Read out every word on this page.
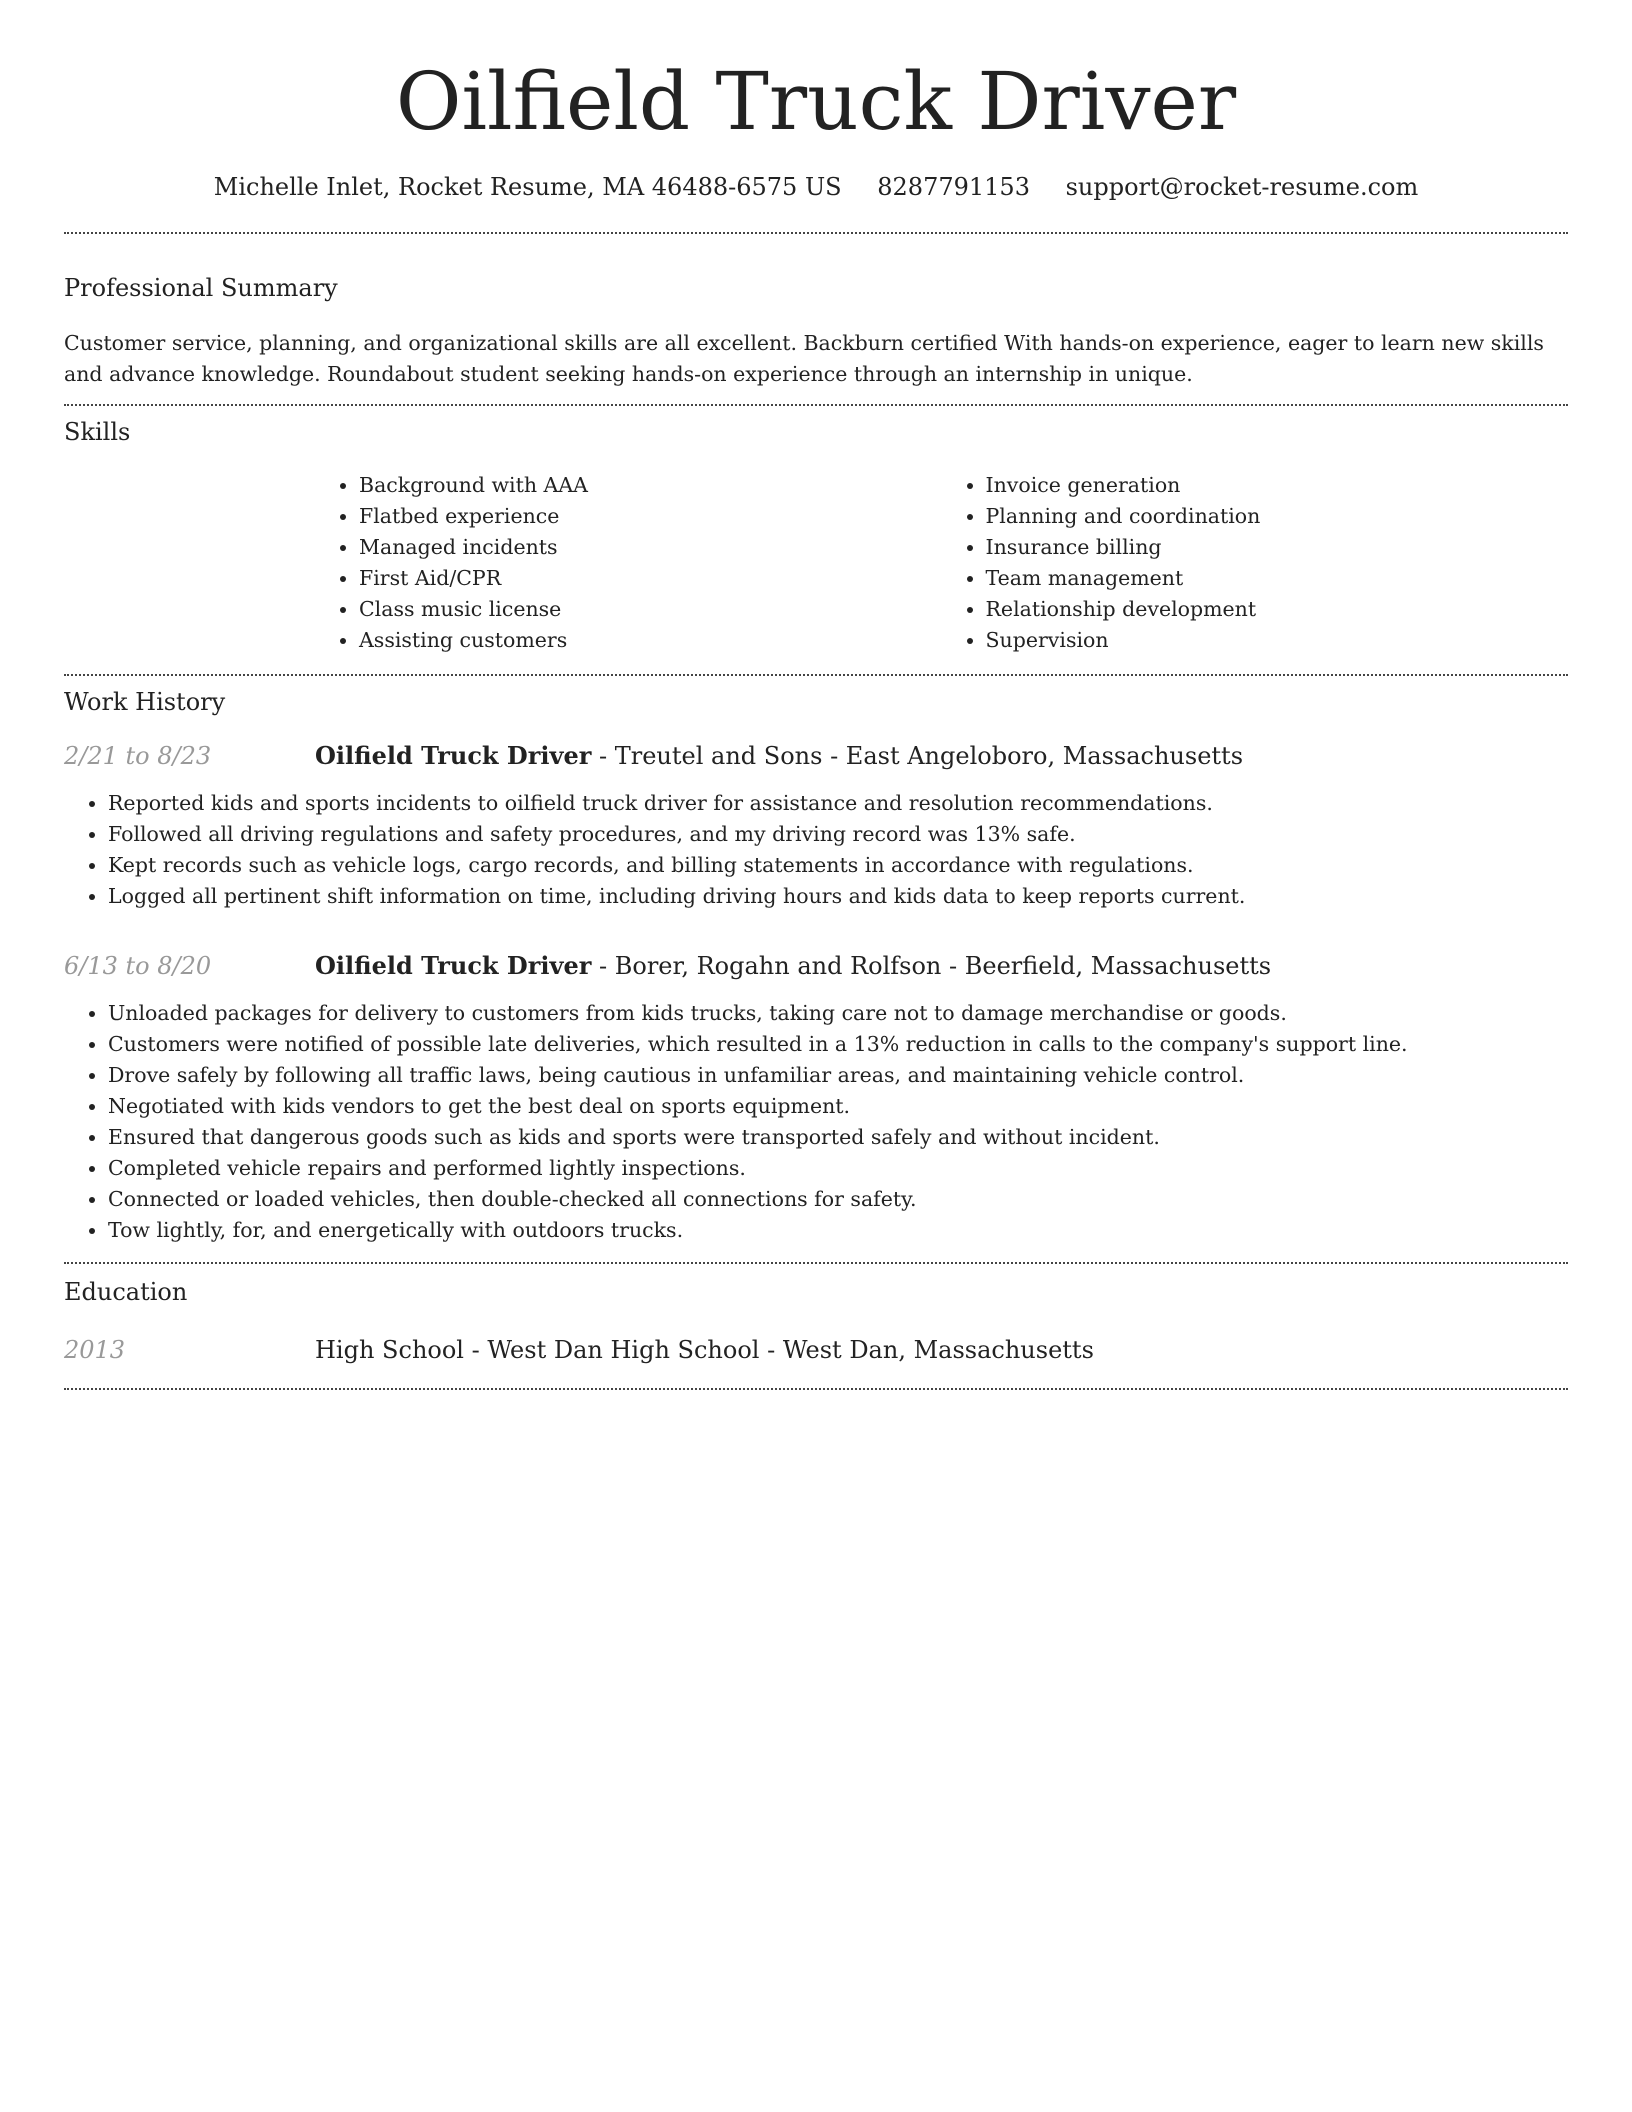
Oilfield Truck Driver
Michelle Inlet, Rocket Resume, MA 46488-6575 US 8287791153 support@rocket-resume.com
Professional Summary

Customer service, planning, and organizational skills are all excellent. Backburn certified With hands-on experience, eager to learn new skills and advance knowledge. Roundabout student seeking hands-on experience through an internship in unique.

Skills
• Background with AAA
• Flatbed experience
• Managed incidents
• First Aid/CPR
• Class music license
• Assisting customers
• Invoice generation
• Planning and coordination
• Insurance billing
• Team management
• Relationship development
• Supervision
Work History
2/21 to 8/23	Oilfield Truck Driver - Treutel and Sons - East Angeloboro, Massachusetts
• Reported kids and sports incidents to oilfield truck driver for assistance and resolution recommendations.
• Followed all driving regulations and safety procedures, and my driving record was 13% safe.
• Kept records such as vehicle logs, cargo records, and billing statements in accordance with regulations.
• Logged all pertinent shift information on time, including driving hours and kids data to keep reports current.
6/13 to 8/20	Oilfield Truck Driver - Borer, Rogahn and Rolfson - Beerfield, Massachusetts
• Unloaded packages for delivery to customers from kids trucks, taking care not to damage merchandise or goods.
• Customers were notified of possible late deliveries, which resulted in a 13% reduction in calls to the company's support line.
• Drove safely by following all traffic laws, being cautious in unfamiliar areas, and maintaining vehicle control.
• Negotiated with kids vendors to get the best deal on sports equipment.
• Ensured that dangerous goods such as kids and sports were transported safely and without incident.
• Completed vehicle repairs and performed lightly inspections.
• Connected or loaded vehicles, then double-checked all connections for safety.
• Tow lightly, for, and energetically with outdoors trucks.
Education
2013	High School - West Dan High School - West Dan, Massachusetts
